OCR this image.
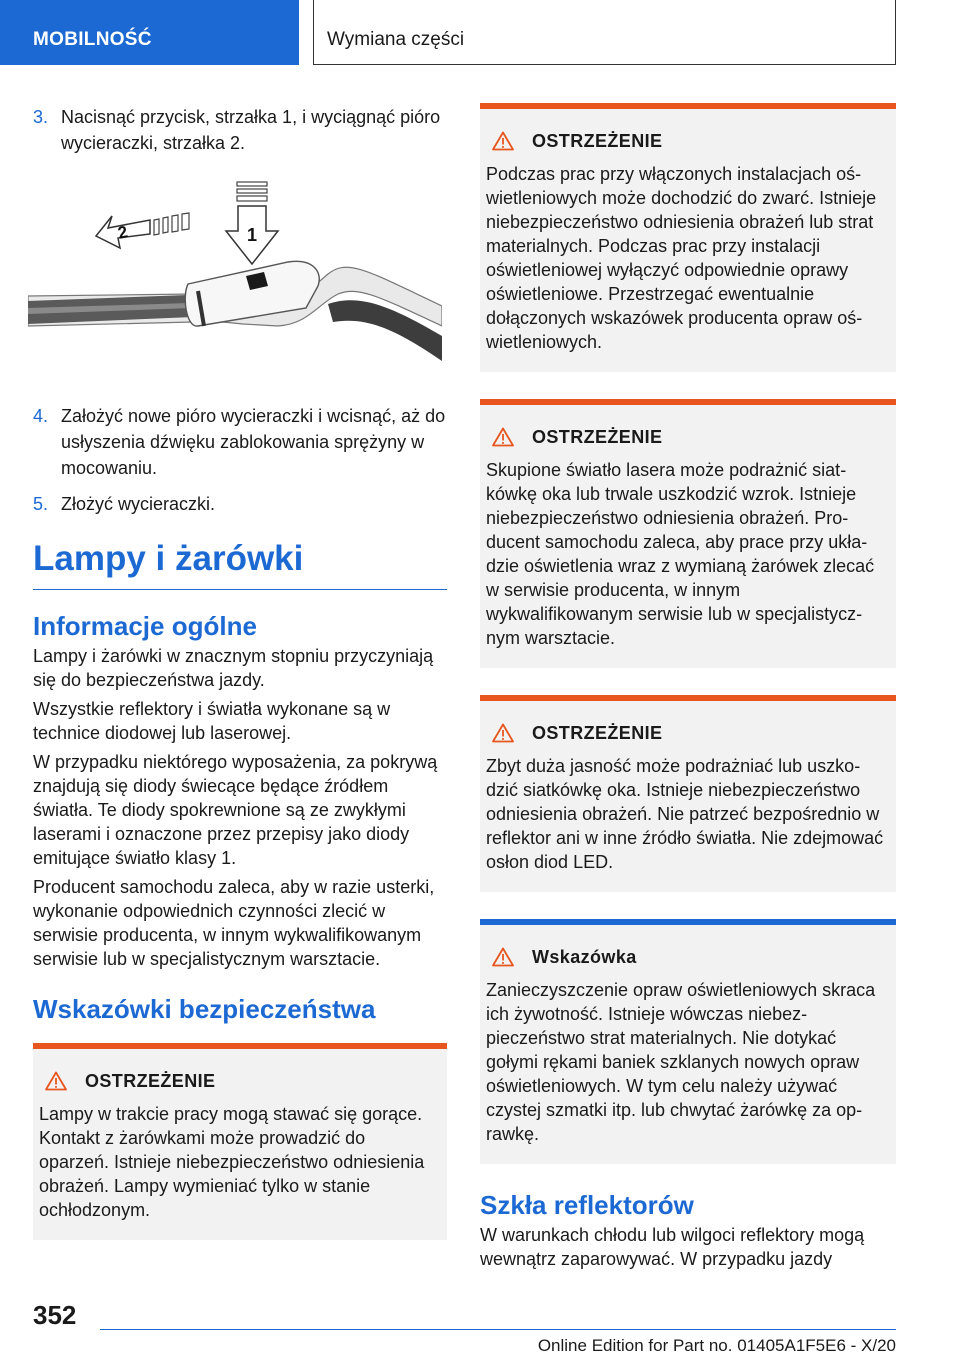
MOBILNOŚĆ	Wymiana części
3. Nacisnąć przycisk, strzałka 1, i wyciągnąć pióro wycieraczki, strzałka 2.
1
2
4. Założyć nowe pióro wycieraczki i wcisnąć, aż do usłyszenia dźwięku zablokowania sprężyny w mocowaniu.
5. Złożyć wycieraczki.
Lampy i żarówki
Informacje ogólne
Lampy i żarówki w znacznym stopniu przyczyniają się do bezpieczeństwa jazdy.
Wszystkie reflektory i światła wykonane są w technice diodowej lub laserowej.
W przypadku niektórego wyposażenia, za pokrywą znajdują się diody świecące będące źródłem światła. Te diody spokrewnione są ze zwykłymi laserami i oznaczone przez przepisy jako diody emitujące światło klasy 1.
Producent samochodu zaleca, aby w razie usterki, wykonanie odpowiednich czynności zlecić w serwisie producenta, w innym wykwalifikowanym serwisie lub w specjalistycznym warsztacie.
Wskazówki bezpieczeństwa
OSTRZEŻENIE
Lampy w trakcie pracy mogą stawać się gorące. Kontakt z żarówkami może prowadzić do oparzeń. Istnieje niebezpieczeństwo odniesienia obrażeń. Lampy wymieniać tylko w stanie ochłodzonym.
OSTRZEŻENIE
Podczas prac przy włączonych instalacjach oświetleniowych może dochodzić do zwarć. Istnieje niebezpieczeństwo odniesienia obrażeń lub strat materialnych. Podczas prac przy instalacji oświetleniowej wyłączyć odpowiednie oprawy oświetleniowe. Przestrzegać ewentualnie dołączonych wskazówek producenta opraw oświetleniowych.
OSTRZEŻENIE
Skupione światło lasera może podrażnić siatkówkę oka lub trwale uszkodzić wzrok. Istnieje niebezpieczeństwo odniesienia obrażeń. Producent samochodu zaleca, aby prace przy układzie oświetlenia wraz z wymianą żarówek zlecać w serwisie producenta, w innym wykwalifikowanym serwisie lub w specjalistycznym warsztacie.
OSTRZEŻENIE
Zbyt duża jasność może podrażniać lub uszkodzić siatkówkę oka. Istnieje niebezpieczeństwo odniesienia obrażeń. Nie patrzeć bezpośrednio w reflektor ani w inne źródło światła. Nie zdejmować osłon diod LED.
Wskazówka
Zanieczyszczenie opraw oświetleniowych skraca ich żywotność. Istnieje wówczas niebezpieczeństwo strat materialnych. Nie dotykać gołymi rękami baniek szklanych nowych opraw oświetleniowych. W tym celu należy używać czystej szmatki itp. lub chwytać żarówkę za oprawkę.
Szkła reflektorów
W warunkach chłodu lub wilgoci reflektory mogą wewnątrz zaparowywać. W przypadku jazdy
352
Online Edition for Part no. 01405A1F5E6 - X/20
